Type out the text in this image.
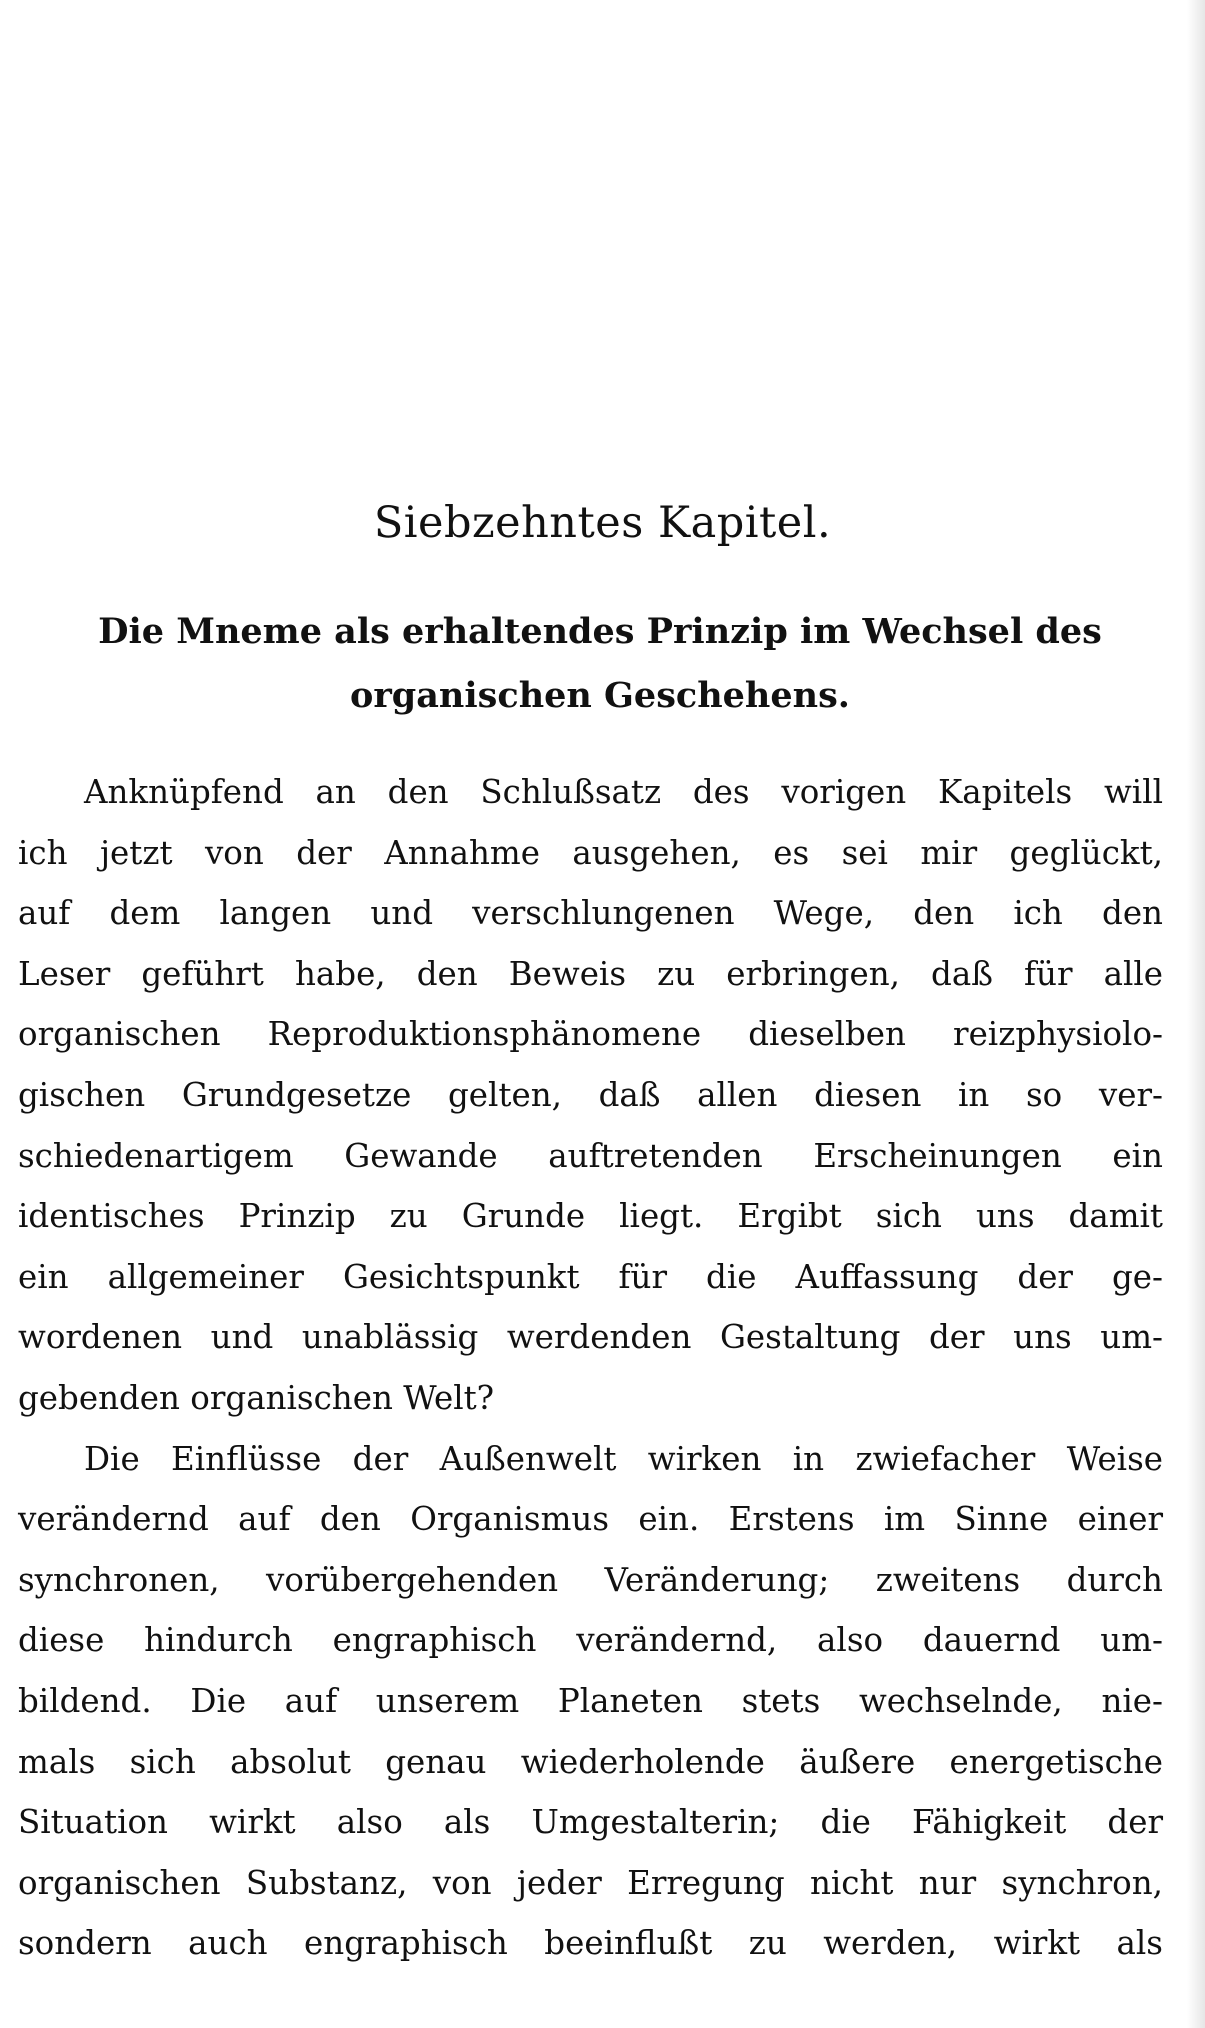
Siebzehntes Kapitel.
Die Mneme als erhaltendes Prinzip im Wechsel des
organischen Geschehens.
Anknüpfend an den Schlußsatz des vorigen Kapitels will
ich jetzt von der Annahme ausgehen, es sei mir geglückt,
auf dem langen und verschlungenen Wege, den ich den
Leser geführt habe, den Beweis zu erbringen, daß für alle
organischen Reproduktionsphänomene dieselben reizphysiolo-
gischen Grundgesetze gelten, daß allen diesen in so ver-
schiedenartigem Gewande auftretenden Erscheinungen ein
identisches Prinzip zu Grunde liegt. Ergibt sich uns damit
ein allgemeiner Gesichtspunkt für die Auffassung der ge-
wordenen und unablässig werdenden Gestaltung der uns um-
gebenden organischen Welt?
Die Einflüsse der Außenwelt wirken in zwiefacher Weise
verändernd auf den Organismus ein. Erstens im Sinne einer
synchronen, vorübergehenden Veränderung; zweitens durch
diese hindurch engraphisch verändernd, also dauernd um-
bildend. Die auf unserem Planeten stets wechselnde, nie-
mals sich absolut genau wiederholende äußere energetische
Situation wirkt also als Umgestalterin; die Fähigkeit der
organischen Substanz, von jeder Erregung nicht nur synchron,
sondern auch engraphisch beeinflußt zu werden, wirkt als
